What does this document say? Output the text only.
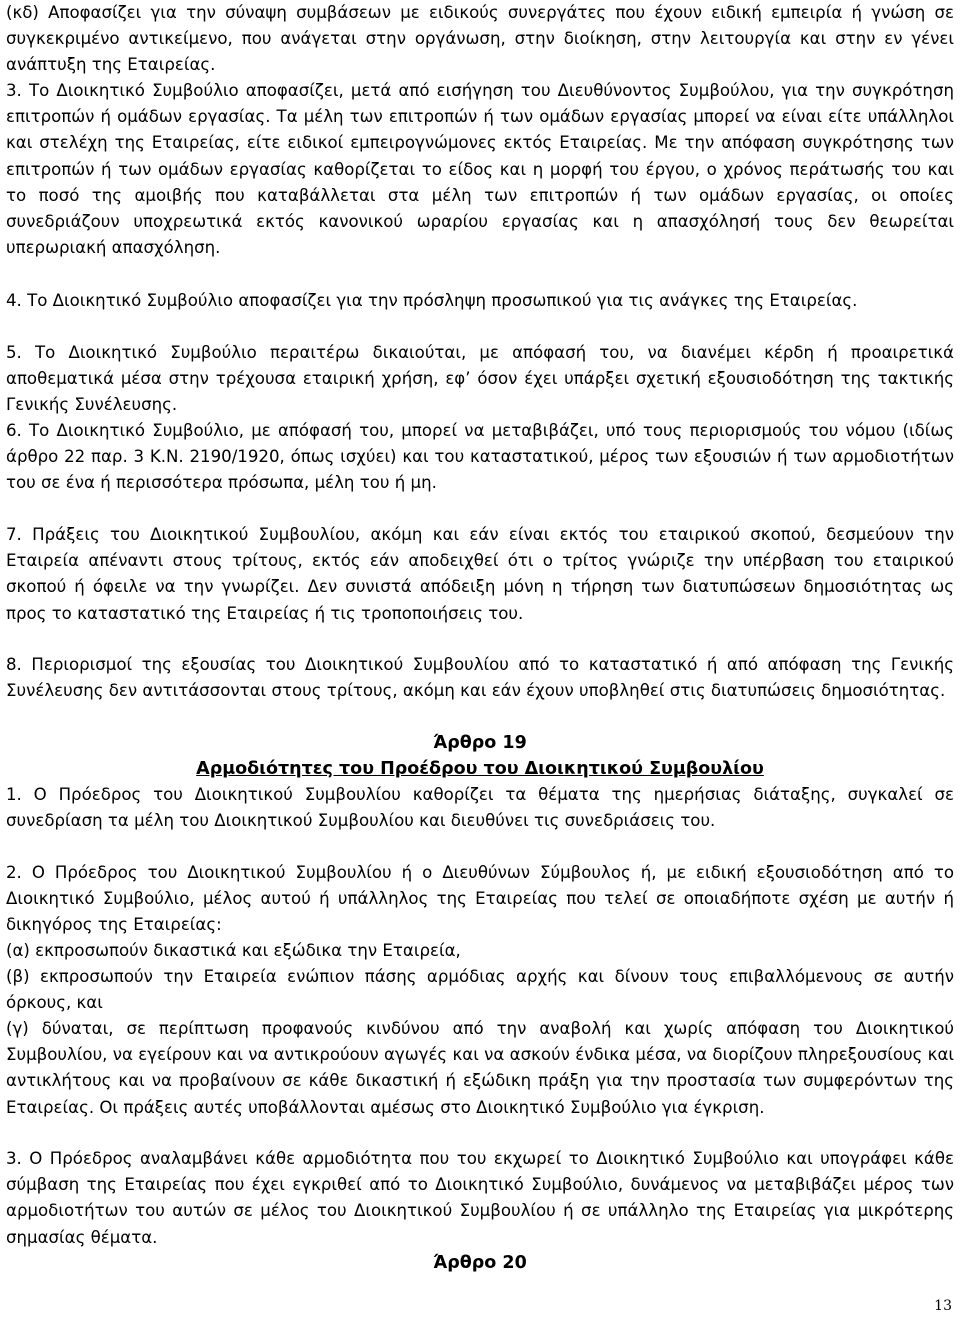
(κδ) Αποφασίζει για την σύναψη συμβάσεων με ειδικούς συνεργάτες που έχουν ειδική εμπειρία ή γνώση σε συγκεκριμένο αντικείμενο, που ανάγεται στην οργάνωση, στην διοίκηση, στην λειτουργία και στην εν γένει ανάπτυξη της Εταιρείας.

3. Το Διοικητικό Συμβούλιο αποφασίζει, μετά από εισήγηση του Διευθύνοντος Συμβούλου, για την συγκρότηση επιτροπών ή ομάδων εργασίας. Τα μέλη των επιτροπών ή των ομάδων εργασίας μπορεί να είναι είτε υπάλληλοι και στελέχη της Εταιρείας, είτε ειδικοί εμπειρογνώμονες εκτός Εταιρείας. Με την απόφαση συγκρότησης των επιτροπών ή των ομάδων εργασίας καθορίζεται το είδος και η μορφή του έργου, ο χρόνος περάτωσής του και το ποσό της αμοιβής που καταβάλλεται στα μέλη των επιτροπών ή των ομάδων εργασίας, οι οποίες συνεδριάζουν υποχρεωτικά εκτός κανονικού ωραρίου εργασίας και η απασχόλησή τους δεν θεωρείται υπερωριακή απασχόληση.

4. Το Διοικητικό Συμβούλιο αποφασίζει για την πρόσληψη προσωπικού για τις ανάγκες της Εταιρείας.

5. Το Διοικητικό Συμβούλιο περαιτέρω δικαιούται, με απόφασή του, να διανέμει κέρδη ή προαιρετικά αποθεματικά μέσα στην τρέχουσα εταιρική χρήση, εφ’ όσον έχει υπάρξει σχετική εξουσιοδότηση της τακτικής Γενικής Συνέλευσης.

6. Το Διοικητικό Συμβούλιο, με απόφασή του, μπορεί να μεταβιβάζει, υπό τους περιορισμούς του νόμου (ιδίως άρθρο 22 παρ. 3 Κ.Ν. 2190/1920, όπως ισχύει) και του καταστατικού, μέρος των εξουσιών ή των αρμοδιοτήτων του σε ένα ή περισσότερα πρόσωπα, μέλη του ή μη.

7. Πράξεις του Διοικητικού Συμβουλίου, ακόμη και εάν είναι εκτός του εταιρικού σκοπού, δεσμεύουν την Εταιρεία απέναντι στους τρίτους, εκτός εάν αποδειχθεί ότι ο τρίτος γνώριζε την υπέρβαση του εταιρικού σκοπού ή όφειλε να την γνωρίζει. Δεν συνιστά απόδειξη μόνη η τήρηση των διατυπώσεων δημοσιότητας ως προς το καταστατικό της Εταιρείας ή τις τροποποιήσεις του.

8. Περιορισμοί της εξουσίας του Διοικητικού Συμβουλίου από το καταστατικό ή από απόφαση της Γενικής Συνέλευσης δεν αντιτάσσονται στους τρίτους, ακόμη και εάν έχουν υποβληθεί στις διατυπώσεις δημοσιότητας.

Άρθρο 19
Αρμοδιότητες του Προέδρου του Διοικητικού Συμβουλίου

1. Ο Πρόεδρος του Διοικητικού Συμβουλίου καθορίζει τα θέματα της ημερήσιας διάταξης, συγκαλεί σε συνεδρίαση τα μέλη του Διοικητικού Συμβουλίου και διευθύνει τις συνεδριάσεις του.

2. Ο Πρόεδρος του Διοικητικού Συμβουλίου ή ο Διευθύνων Σύμβουλος ή, με ειδική εξουσιοδότηση από το Διοικητικό Συμβούλιο, μέλος αυτού ή υπάλληλος της Εταιρείας που τελεί σε οποιαδήποτε σχέση με αυτήν ή δικηγόρος της Εταιρείας:

(α) εκπροσωπούν δικαστικά και εξώδικα την Εταιρεία,

(β) εκπροσωπούν την Εταιρεία ενώπιον πάσης αρμόδιας αρχής και δίνουν τους επιβαλλόμενους σε αυτήν όρκους, και

(γ) δύναται, σε περίπτωση προφανούς κινδύνου από την αναβολή και χωρίς απόφαση του Διοικητικού Συμβουλίου, να εγείρουν και να αντικρούουν αγωγές και να ασκούν ένδικα μέσα, να διορίζουν πληρεξουσίους και αντικλήτους και να προβαίνουν σε κάθε δικαστική ή εξώδικη πράξη για την προστασία των συμφερόντων της Εταιρείας. Οι πράξεις αυτές υποβάλλονται αμέσως στο Διοικητικό Συμβούλιο για έγκριση.

3. Ο Πρόεδρος αναλαμβάνει κάθε αρμοδιότητα που του εκχωρεί το Διοικητικό Συμβούλιο και υπογράφει κάθε σύμβαση της Εταιρείας που έχει εγκριθεί από το Διοικητικό Συμβούλιο, δυνάμενος να μεταβιβάζει μέρος των αρμοδιοτήτων του αυτών σε μέλος του Διοικητικού Συμβουλίου ή σε υπάλληλο της Εταιρείας για μικρότερης σημασίας θέματα.

Άρθρο 20
13
